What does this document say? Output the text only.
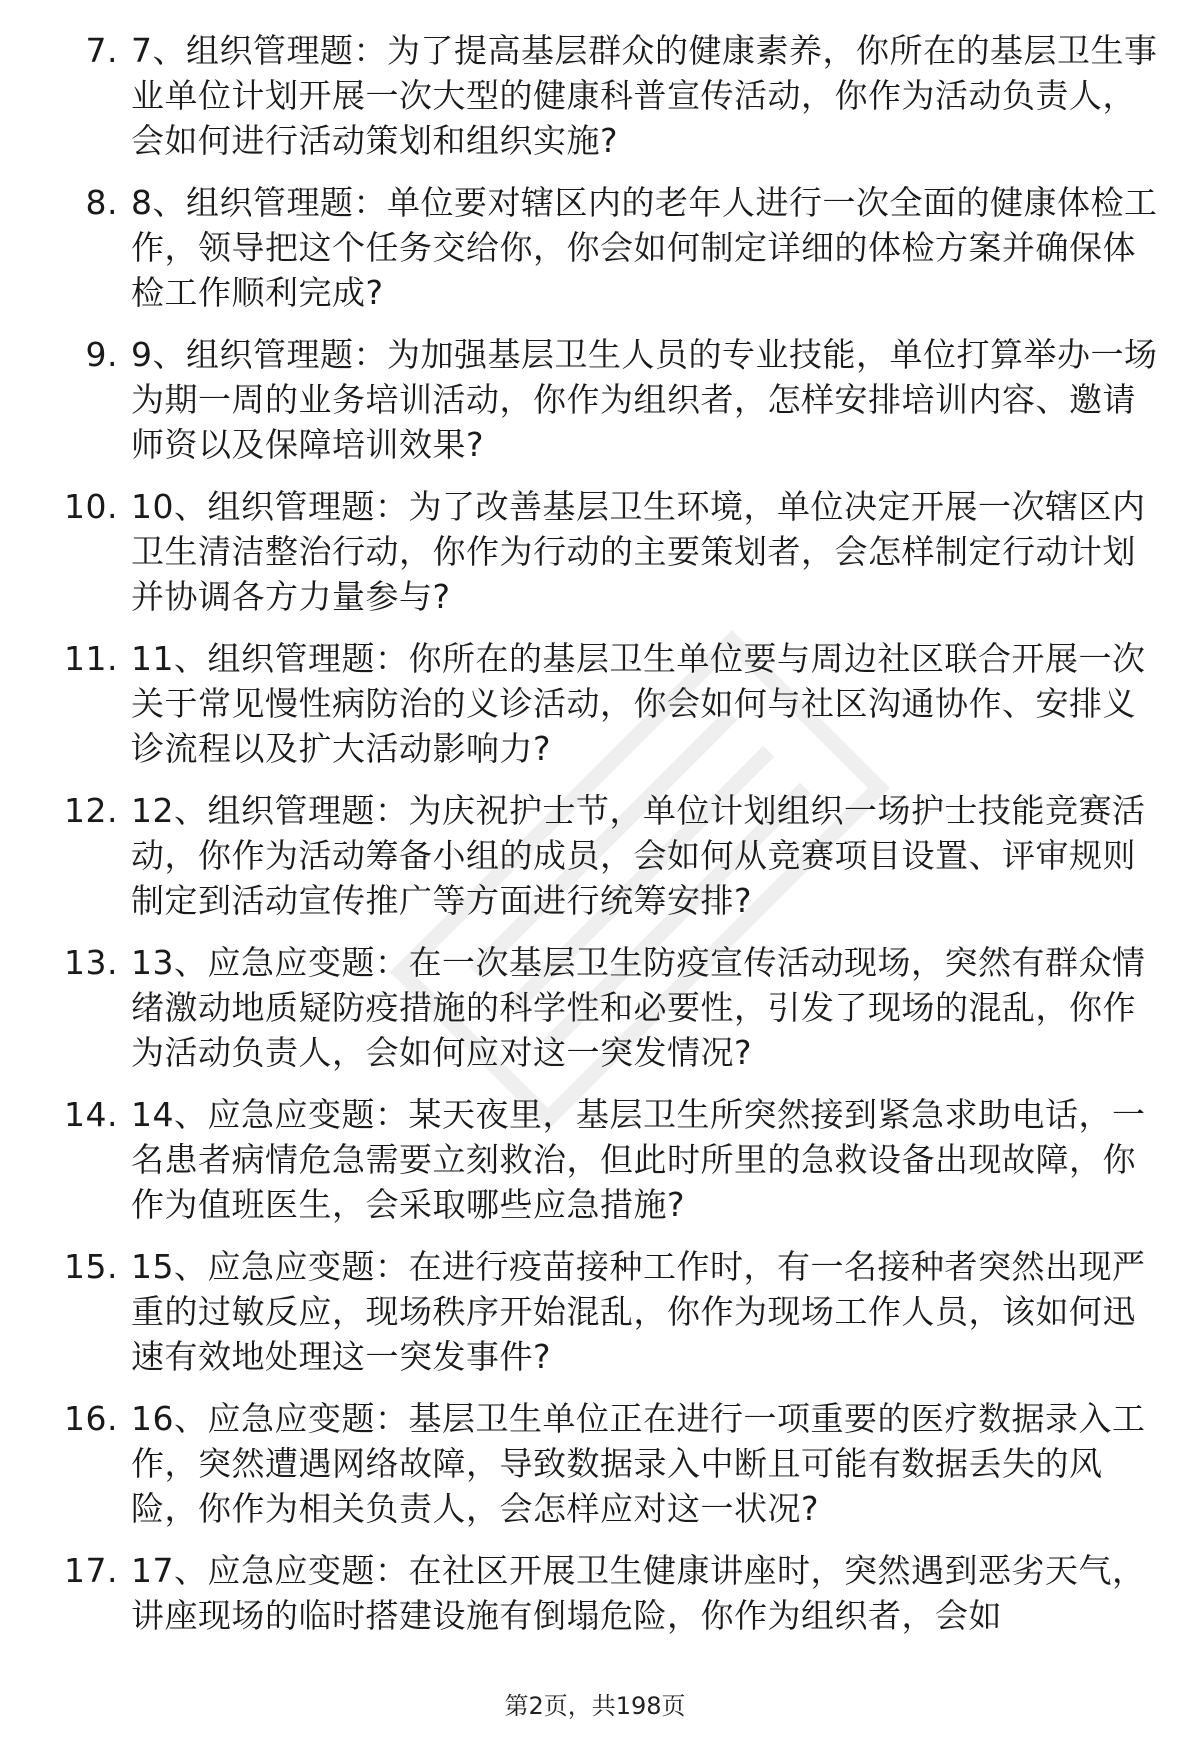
7. 7、组织管理题：为了提高基层群众的健康素养，你所在的基层卫生事业单位计划开展一次大型的健康科普宣传活动，你作为活动负责人，会如何进行活动策划和组织实施?
8. 8、组织管理题：单位要对辖区内的老年人进行一次全面的健康体检工作，领导把这个任务交给你，你会如何制定详细的体检方案并确保体检工作顺利完成?
9. 9、组织管理题：为加强基层卫生人员的专业技能，单位打算举办一场为期一周的业务培训活动，你作为组织者，怎样安排培训内容、邀请师资以及保障培训效果?
10. 10、组织管理题：为了改善基层卫生环境，单位决定开展一次辖区内卫生清洁整治行动，你作为行动的主要策划者，会怎样制定行动计划并协调各方力量参与?
11. 11、组织管理题：你所在的基层卫生单位要与周边社区联合开展一次关于常见慢性病防治的义诊活动，你会如何与社区沟通协作、安排义诊流程以及扩大活动影响力?
12. 12、组织管理题：为庆祝护士节，单位计划组织一场护士技能竞赛活动，你作为活动筹备小组的成员，会如何从竞赛项目设置、评审规则制定到活动宣传推广等方面进行统筹安排?
13. 13、应急应变题：在一次基层卫生防疫宣传活动现场，突然有群众情绪激动地质疑防疫措施的科学性和必要性，引发了现场的混乱，你作为活动负责人，会如何应对这一突发情况?
14. 14、应急应变题：某天夜里，基层卫生所突然接到紧急求助电话，一名患者病情危急需要立刻救治，但此时所里的急救设备出现故障，你作为值班医生，会采取哪些应急措施?
15. 15、应急应变题：在进行疫苗接种工作时，有一名接种者突然出现严重的过敏反应，现场秩序开始混乱，你作为现场工作人员，该如何迅速有效地处理这一突发事件?
16. 16、应急应变题：基层卫生单位正在进行一项重要的医疗数据录入工作，突然遭遇网络故障，导致数据录入中断且可能有数据丢失的风险，你作为相关负责人，会怎样应对这一状况?
17. 17、应急应变题：在社区开展卫生健康讲座时，突然遇到恶劣天气，讲座现场的临时搭建设施有倒塌危险，你作为组织者，会如
第2页，共198页
